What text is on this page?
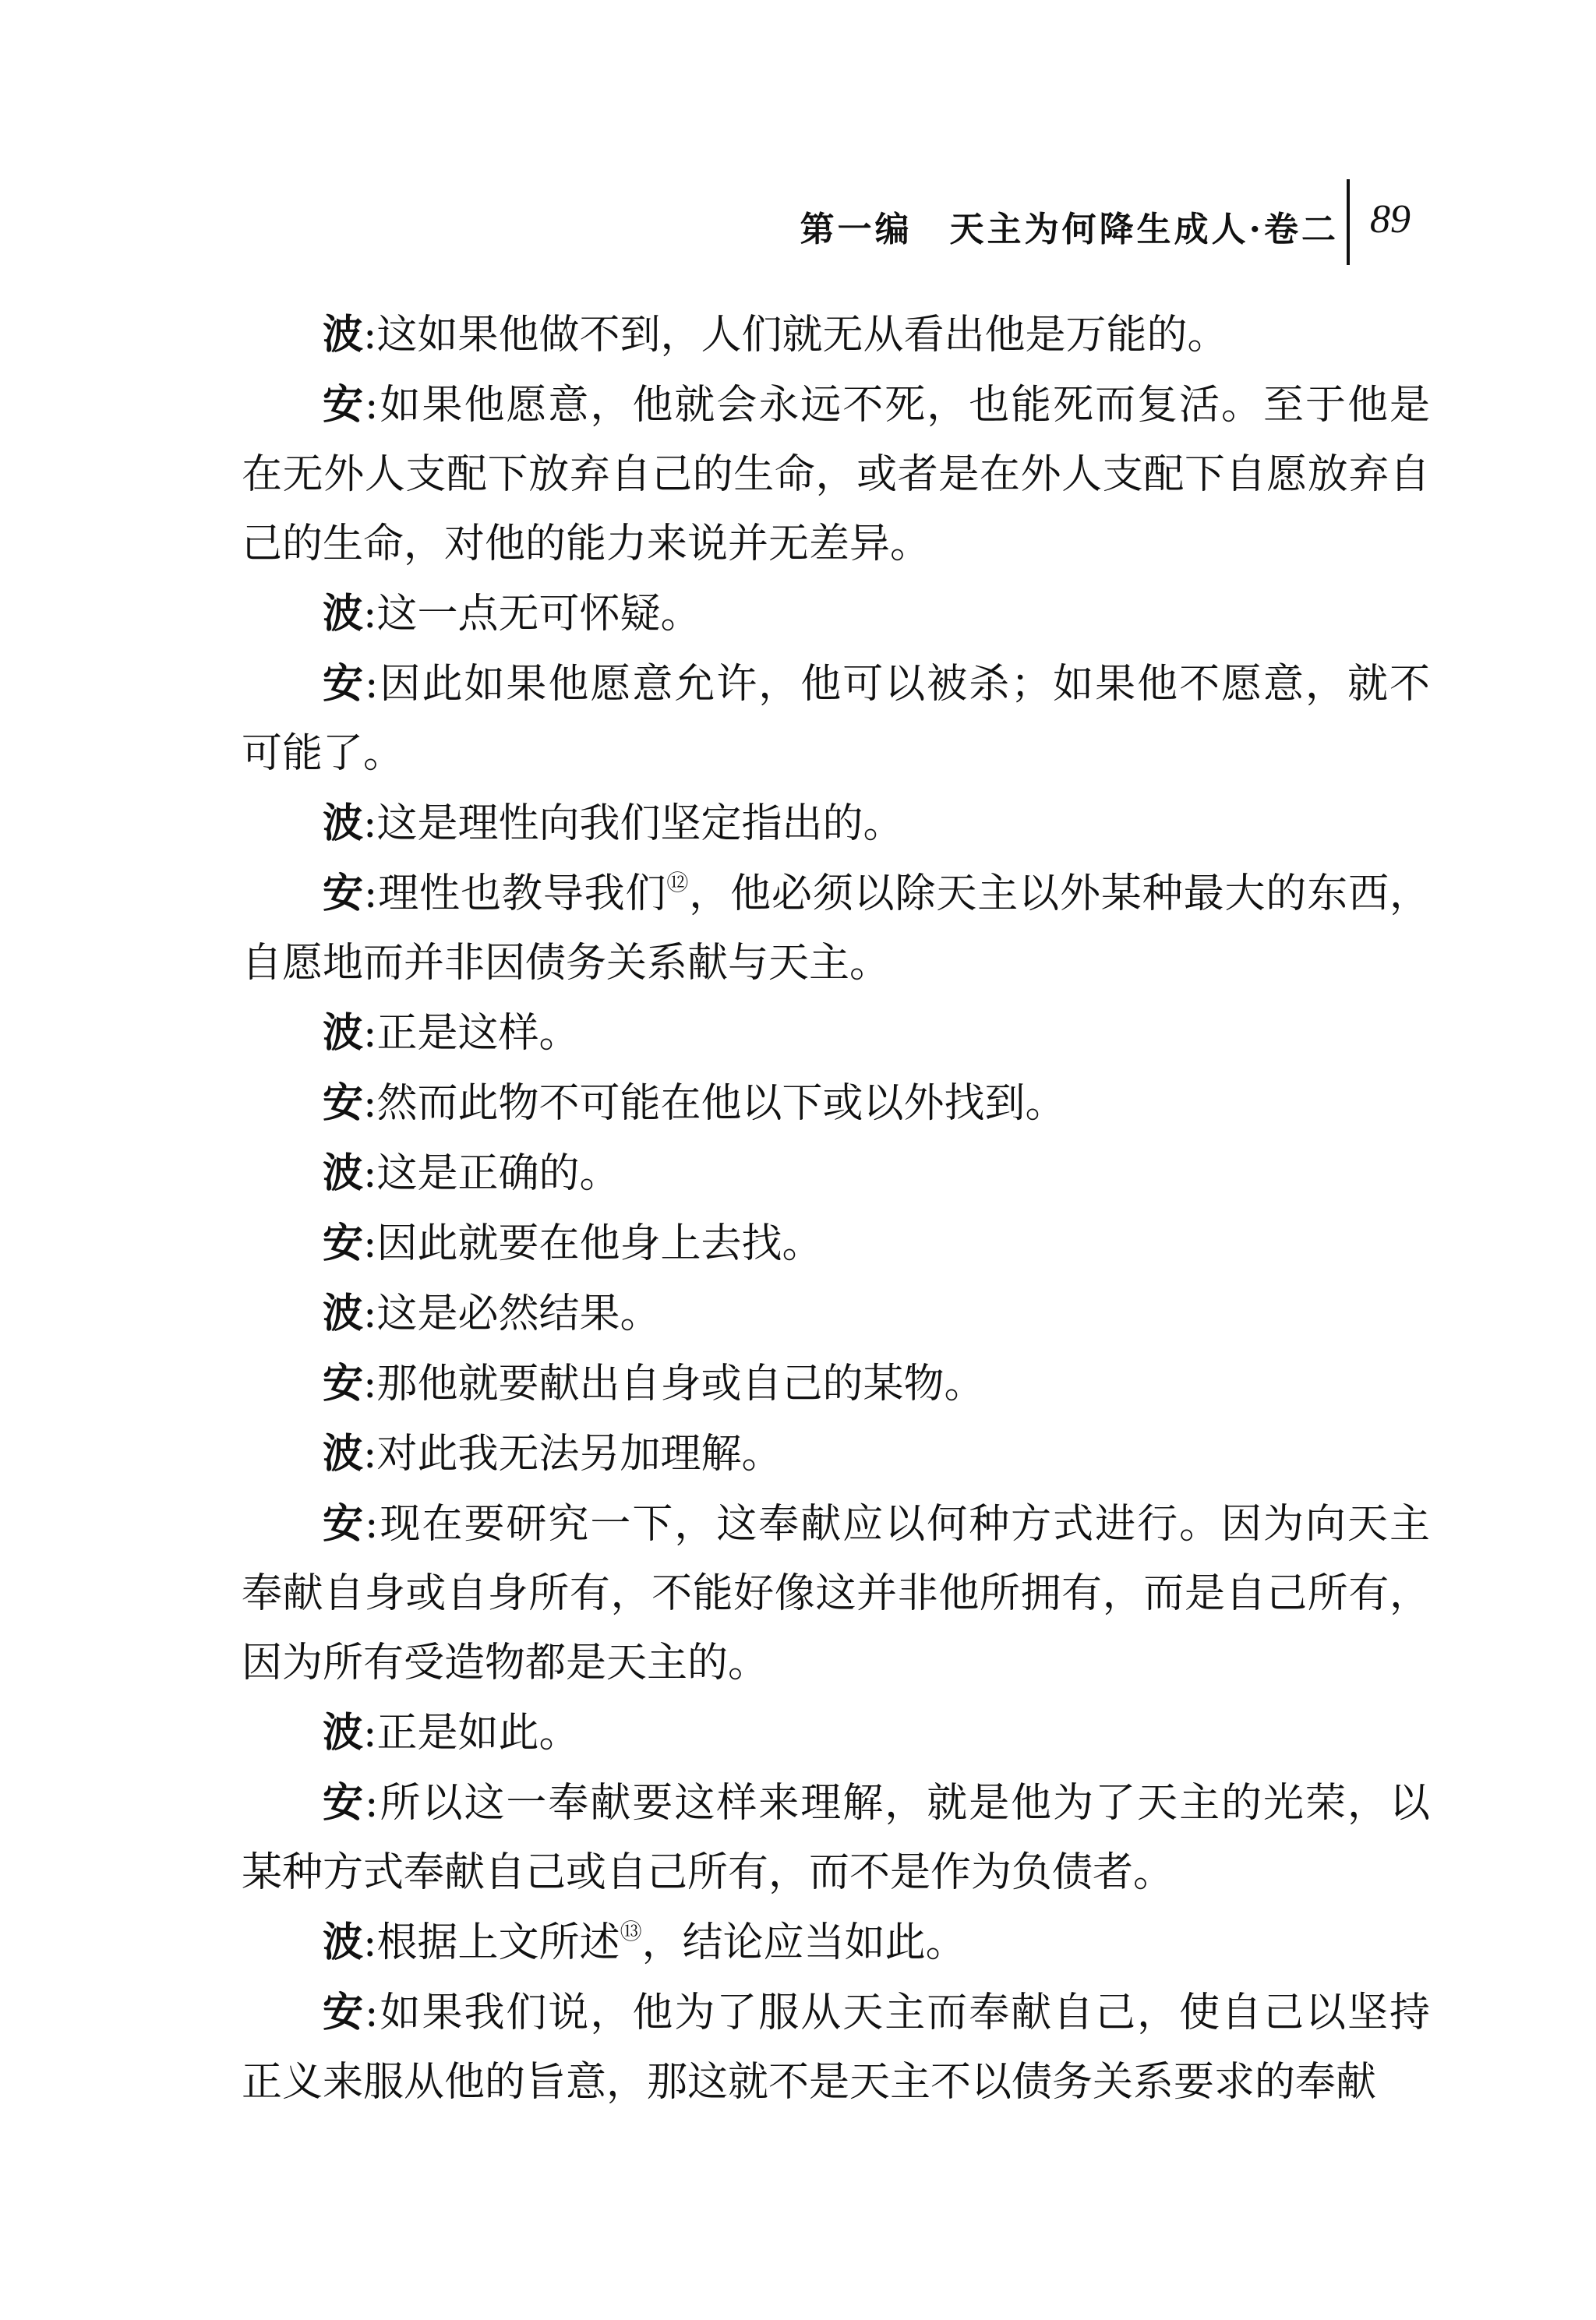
第一编　天主为何降生成人·卷二 89

波:这如果他做不到，人们就无从看出他是万能的。

安:如果他愿意，他就会永远不死，也能死而复活。至于他是在无外人支配下放弃自己的生命，或者是在外人支配下自愿放弃自己的生命，对他的能力来说并无差异。

波:这一点无可怀疑。

安:因此如果他愿意允许，他可以被杀；如果他不愿意，就不可能了。

波:这是理性向我们坚定指出的。

安:理性也教导我们⑫，他必须以除天主以外某种最大的东西，自愿地而并非因债务关系献与天主。

波:正是这样。

安:然而此物不可能在他以下或以外找到。

波:这是正确的。

安:因此就要在他身上去找。

波:这是必然结果。

安:那他就要献出自身或自己的某物。

波:对此我无法另加理解。

安:现在要研究一下，这奉献应以何种方式进行。因为向天主奉献自身或自身所有，不能好像这并非他所拥有，而是自己所有，因为所有受造物都是天主的。

波:正是如此。

安:所以这一奉献要这样来理解，就是他为了天主的光荣，以某种方式奉献自己或自己所有，而不是作为负债者。

波:根据上文所述⑬，结论应当如此。

安:如果我们说，他为了服从天主而奉献自己，使自己以坚持正义来服从他的旨意，那这就不是天主不以债务关系要求的奉献
